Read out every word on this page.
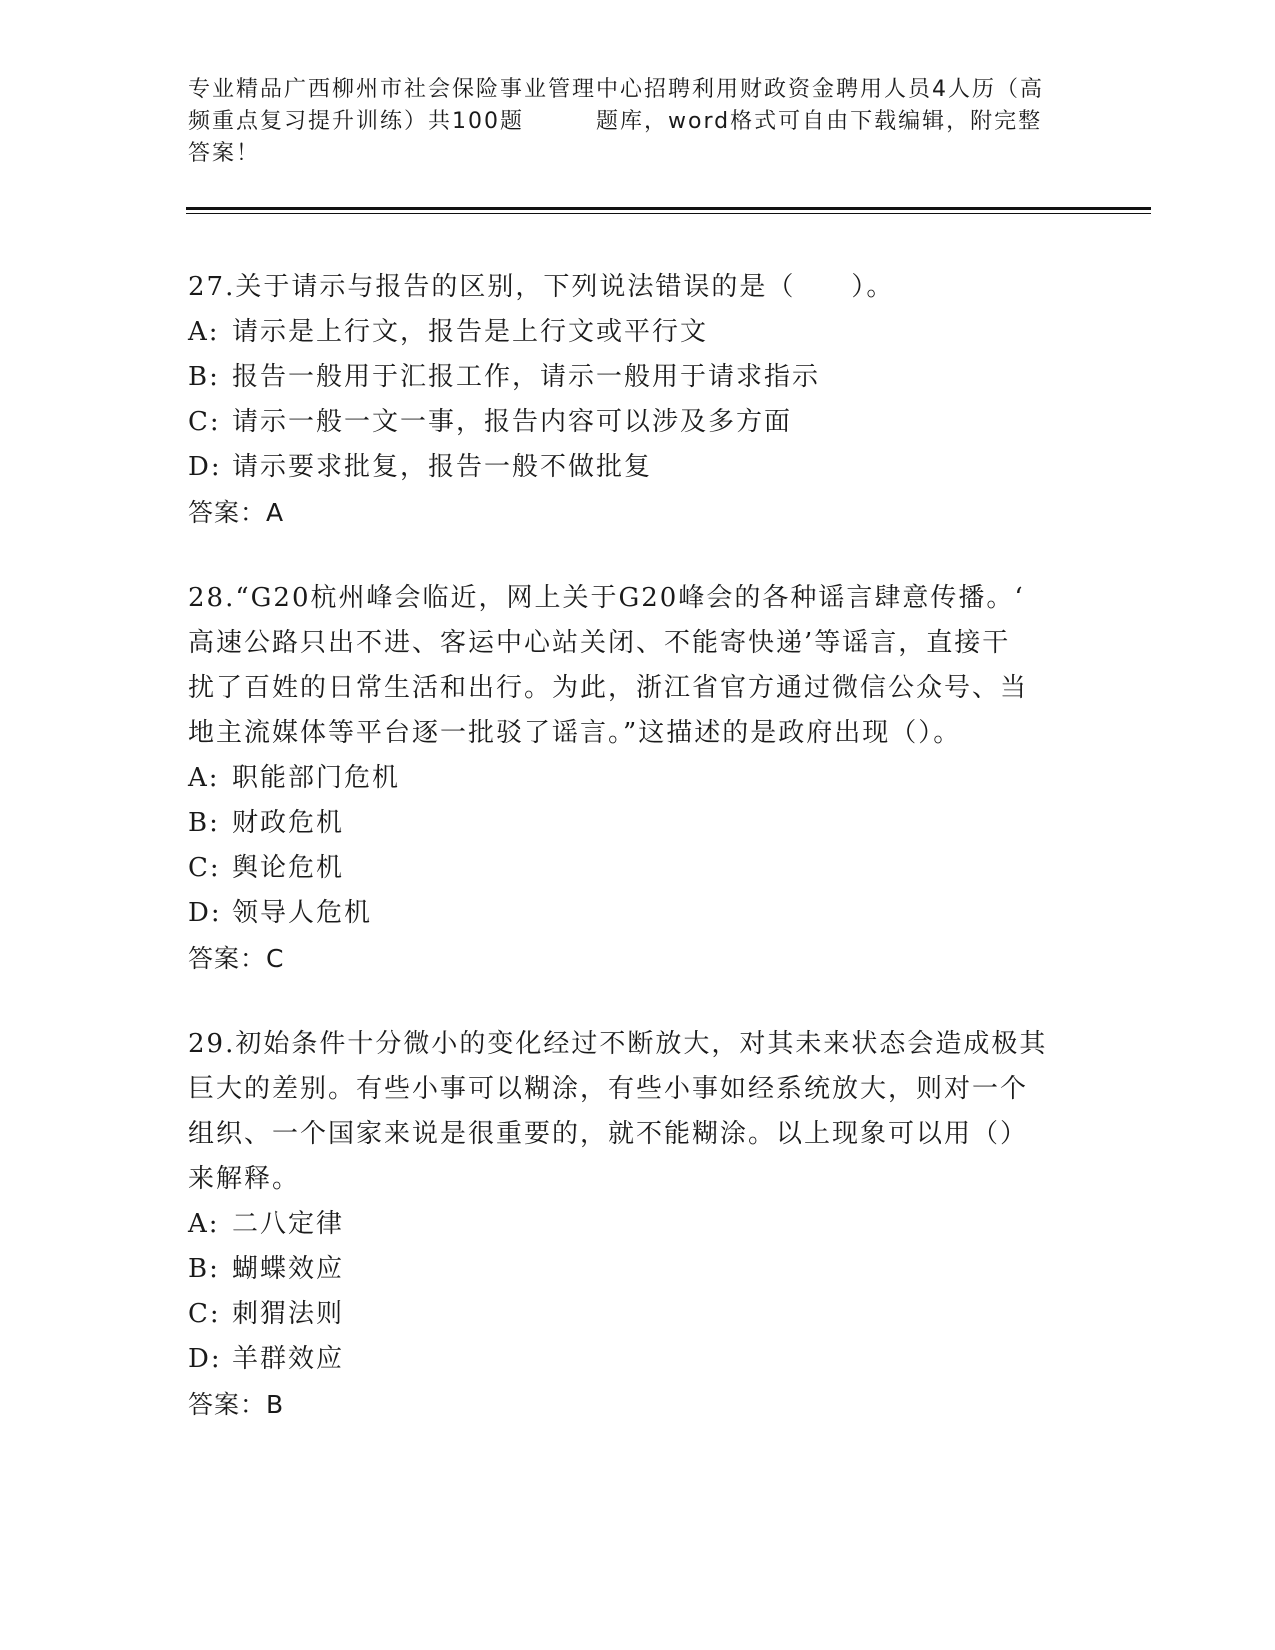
专业精品广西柳州市社会保险事业管理中心招聘利用财政资金聘用人员4人历（高
频重点复习提升训练）共100题	题库，word格式可自由下载编辑，附完整
答案！
27.关于请示与报告的区别，下列说法错误的是（　　）。
A: 请示是上行文，报告是上行文或平行文
B: 报告一般用于汇报工作，请示一般用于请求指示
C: 请示一般一文一事，报告内容可以涉及多方面
D: 请示要求批复，报告一般不做批复
答案：A
28.“G20杭州峰会临近，网上关于G20峰会的各种谣言肆意传播。‘
高速公路只出不进、客运中心站关闭、不能寄快递’等谣言，直接干
扰了百姓的日常生活和出行。为此，浙江省官方通过微信公众号、当
地主流媒体等平台逐一批驳了谣言。”这描述的是政府出现（）。
A: 职能部门危机
B: 财政危机
C: 舆论危机
D: 领导人危机
答案：C
29.初始条件十分微小的变化经过不断放大，对其未来状态会造成极其
巨大的差别。有些小事可以糊涂，有些小事如经系统放大，则对一个
组织、一个国家来说是很重要的，就不能糊涂。以上现象可以用（）
来解释。
A: 二八定律
B: 蝴蝶效应
C: 刺猬法则
D: 羊群效应
答案：B
